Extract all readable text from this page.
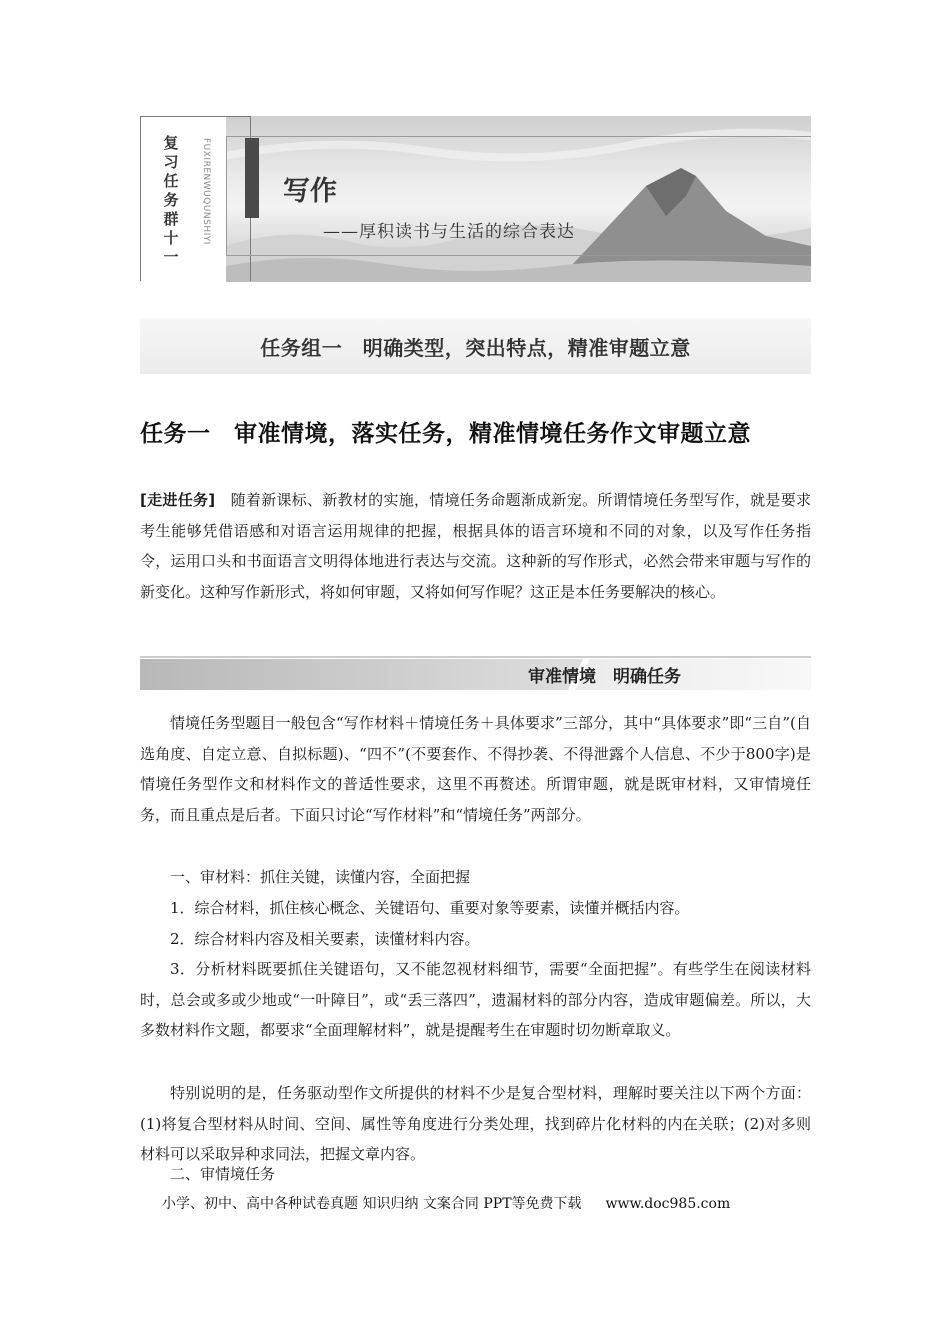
复习任务群十一
FUXIRENWUQUNSHIYI	写作
——厚积读书与生活的综合表达
任务组一　明确类型，突出特点，精准审题立意
任务一　审准情境，落实任务，精准情境任务作文审题立意
[走进任务]　随着新课标、新教材的实施，情境任务命题渐成新宠。所谓情境任务型写作，就是要求考生能够凭借语感和对语言运用规律的把握，根据具体的语言环境和不同的对象，以及写作任务指令，运用口头和书面语言文明得体地进行表达与交流。这种新的写作形式，必然会带来审题与写作的新变化。这种写作新形式，将如何审题，又将如何写作呢？这正是本任务要解决的核心。
审准情境　明确任务
情境任务型题目一般包含“写作材料＋情境任务＋具体要求”三部分，其中“具体要求”即“三自”(自选角度、自定立意、自拟标题)、“四不”(不要套作、不得抄袭、不得泄露个人信息、不少于800字)是情境任务型作文和材料作文的普适性要求，这里不再赘述。所谓审题，就是既审材料，又审情境任务，而且重点是后者。下面只讨论“写作材料”和“情境任务”两部分。
一、审材料：抓住关键，读懂内容，全面把握
1．综合材料，抓住核心概念、关键语句、重要对象等要素，读懂并概括内容。
2．综合材料内容及相关要素，读懂材料内容。
3．分析材料既要抓住关键语句，又不能忽视材料细节，需要“全面把握”。有些学生在阅读材料时，总会或多或少地或“一叶障目”，或“丢三落四”，遗漏材料的部分内容，造成审题偏差。所以，大多数材料作文题，都要求“全面理解材料”，就是提醒考生在审题时切勿断章取义。
特别说明的是，任务驱动型作文所提供的材料不少是复合型材料，理解时要关注以下两个方面：(1)将复合型材料从时间、空间、属性等角度进行分类处理，找到碎片化材料的内在关联；(2)对多则材料可以采取异种求同法，把握文章内容。
二、审情境任务
小学、初中、高中各种试卷真题 知识归纳 文案合同 PPT等免费下载 www.doc985.com
